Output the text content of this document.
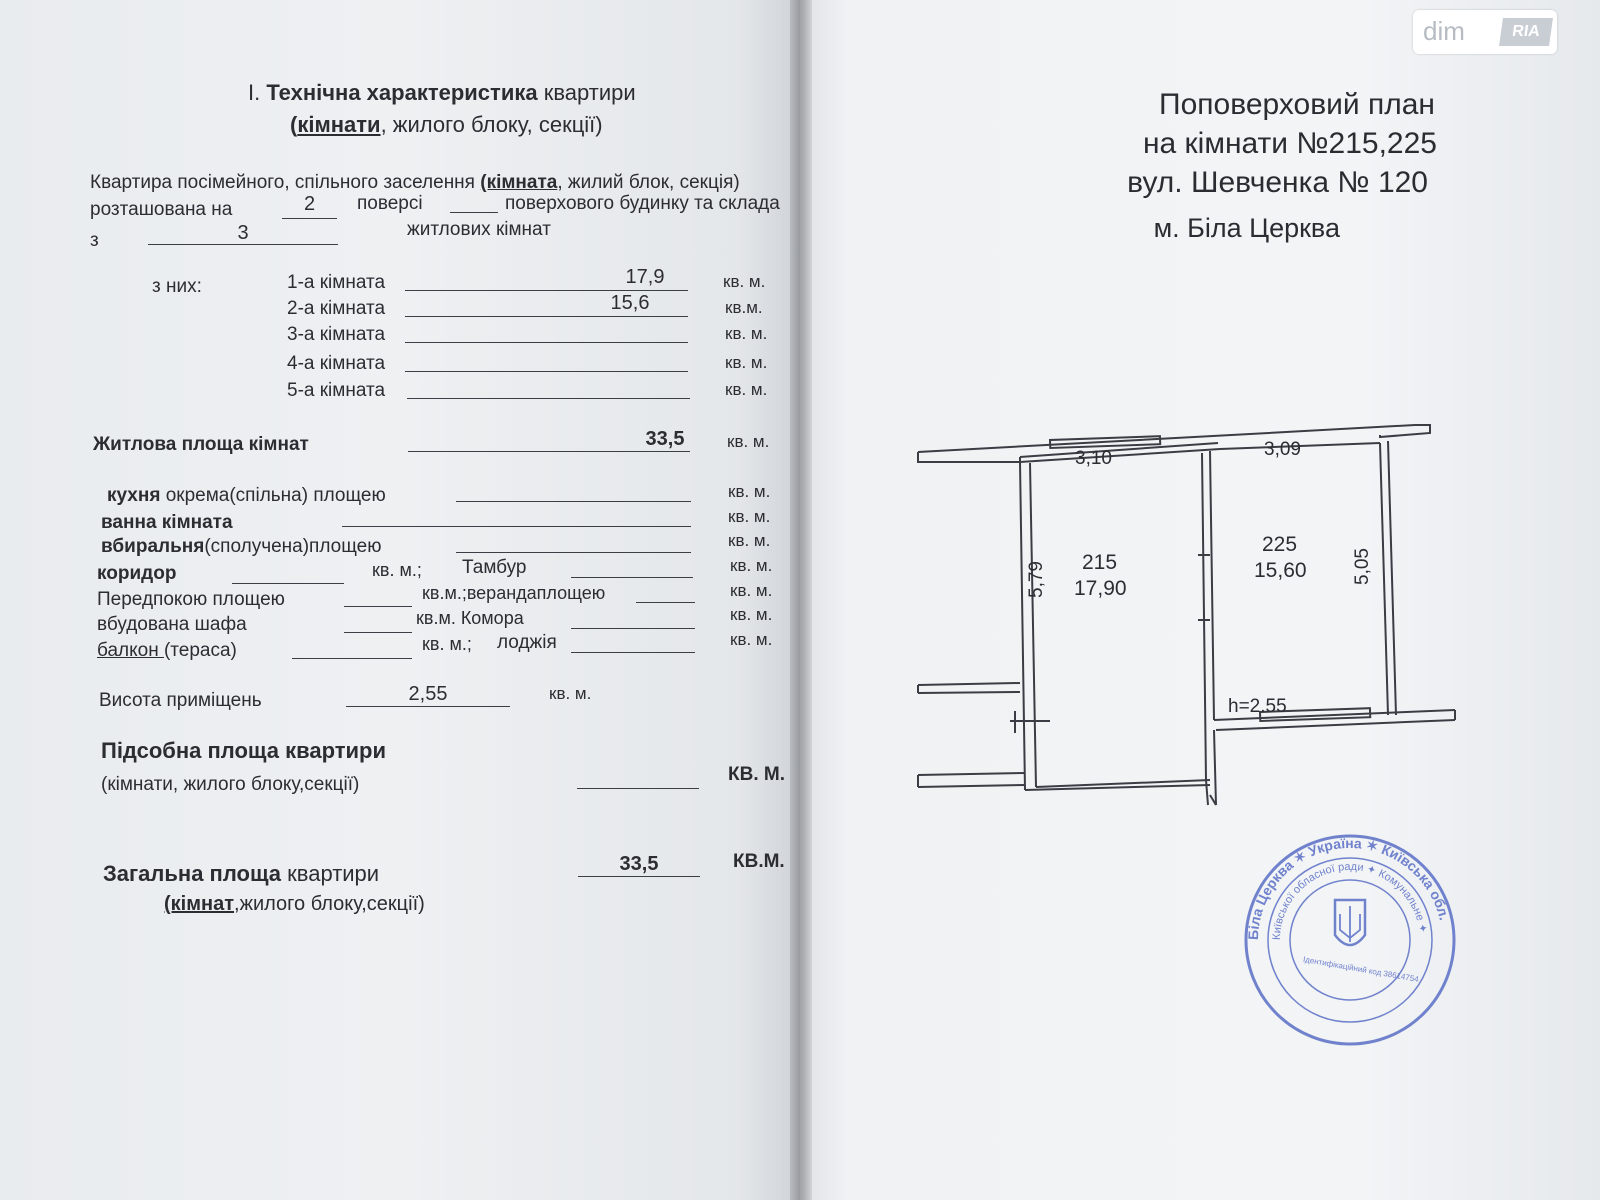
I. Технічна характеристика квартири
(кімнати, жилого блоку, секції)
Квартира посімейного, спільного заселення (кімната, жилий блок, секція)
розташована на	2	поверсі	поверхового будинку та склада
з	3	житлових кімнат
з них:	1-а кімната	17,9	кв. м.
2-а кімната	15,6	кв.м.
3-а кімната	кв. м.
4-а кімната	кв. м.
5-а кімната	кв. м.
Житлова площа кімнат	33,5	кв. м.
кухня окрема(спільна) площею	кв. м.
ванна кімната	кв. м.
вбиральня(сполучена)площею	кв. м.
коридор	кв. м.; Тамбур	кв. м.
Передпокою площею	кв.м.;верандаплощею	кв. м.
вбудована шафа	кв.м. Комора	кв. м.
балкон (тераса)	кв. м.; лоджія	кв. м.
Висота приміщень	2,55	кв. м.
Підсобна площа квартири
(кімнати, жилого блоку,секції)	КВ. М.
Загальна площа квартири	33,5	КВ.М.
(кімнат,жилого блоку,секції)
Поповерховий план
на кімнати №215,225
вул. Шевченка № 120
м. Біла Церква
3,10	3,09
215
17,90
225
15,60
5,79	5,05
h=2.55
Біла Церква ✶ Україна ✶ Київська обл.
Київської обласної ради ✦ Комунальне ✦
Ідентифікаційний код 38614754
dim	RIA
